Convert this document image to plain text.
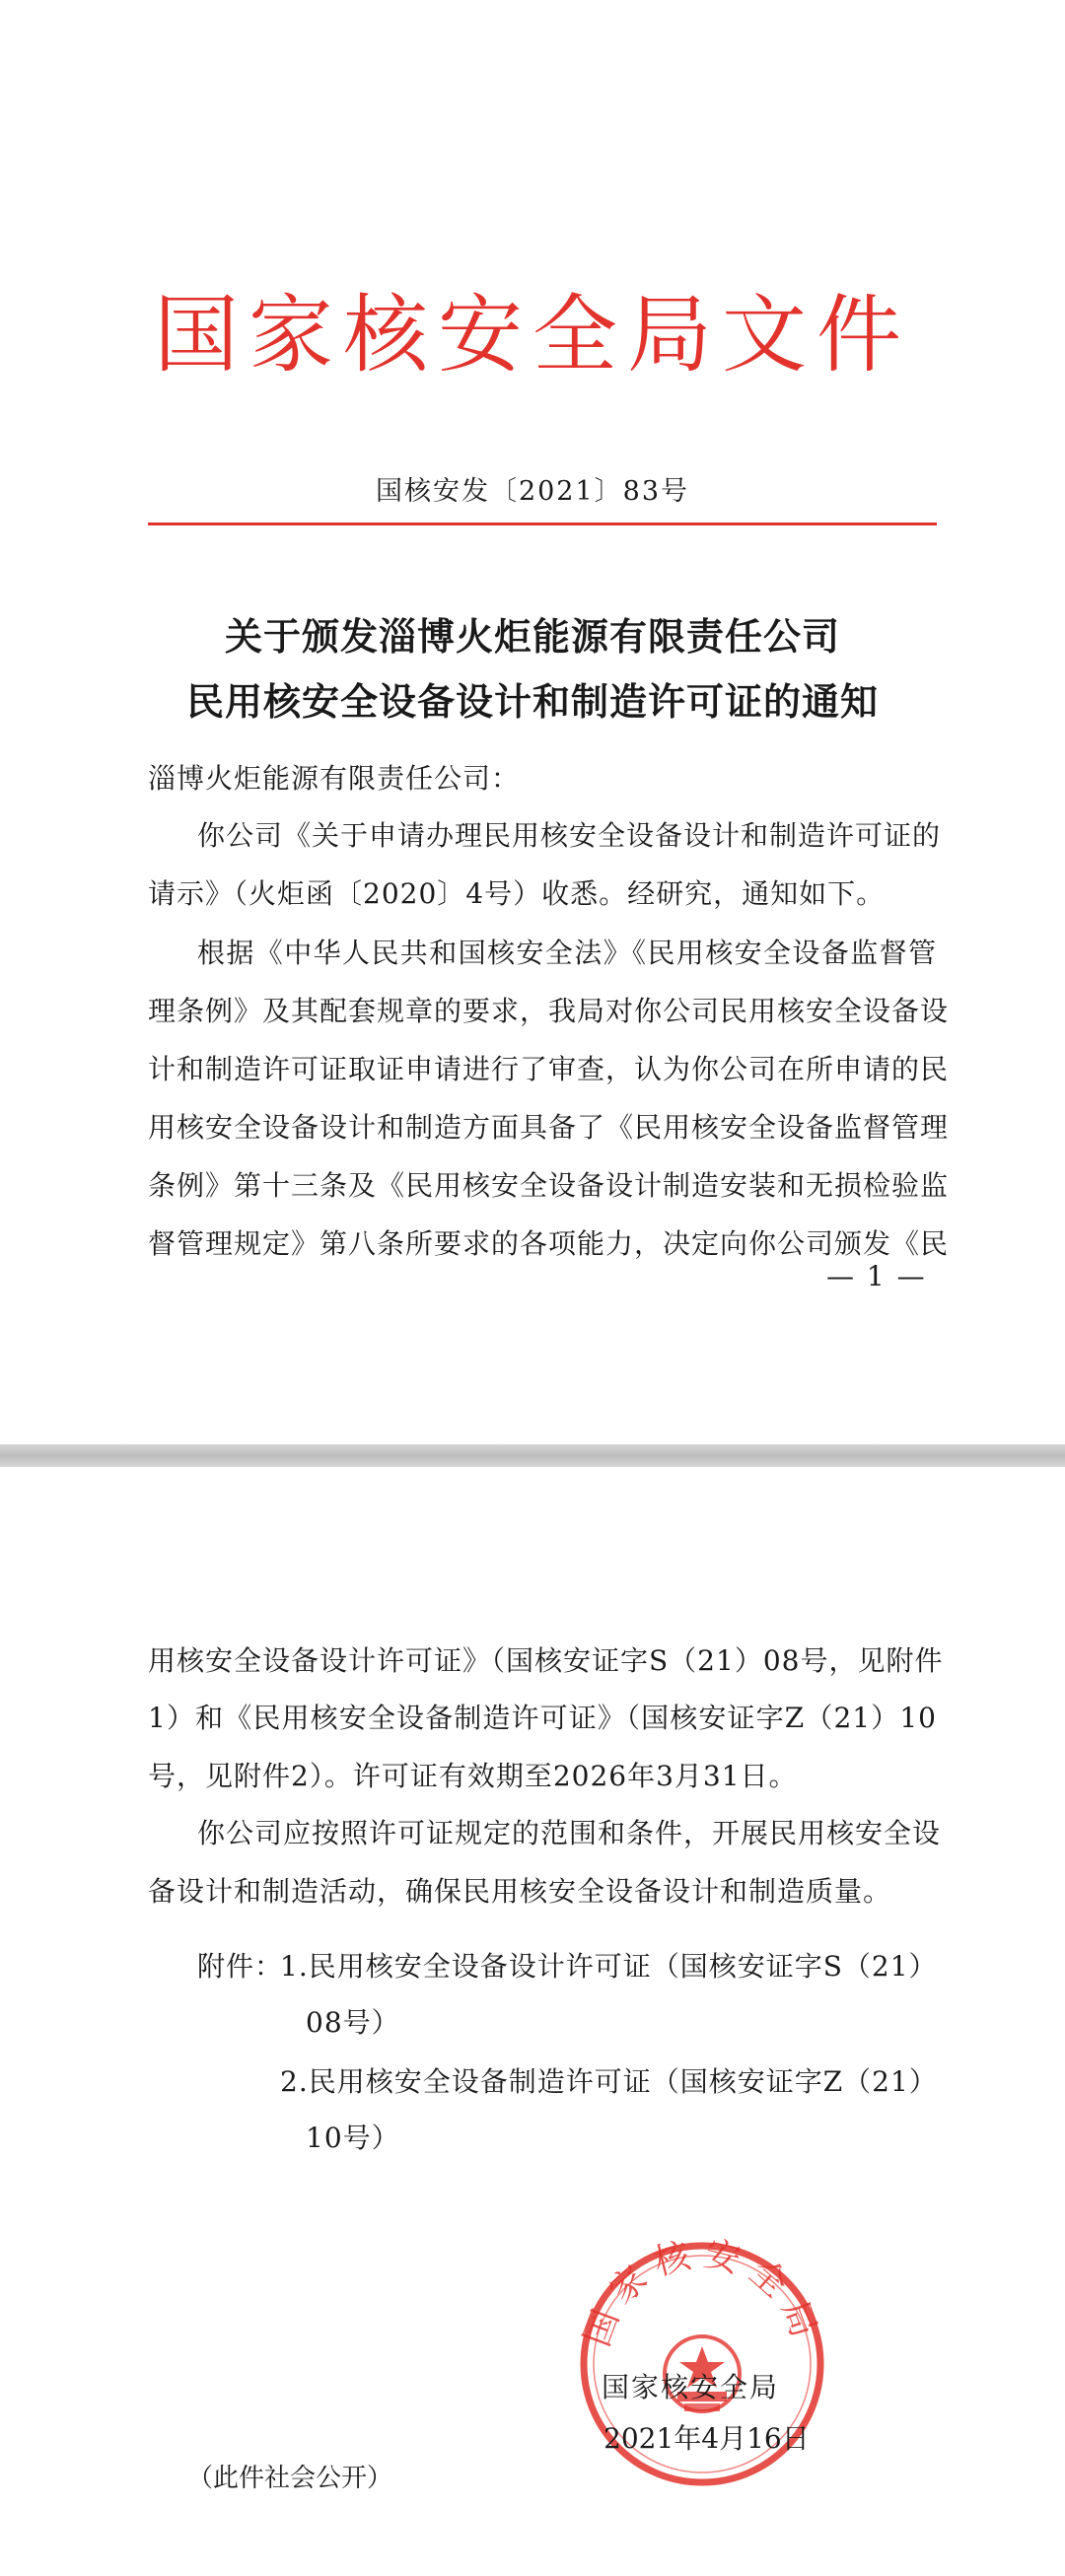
国家核安全局文件
国核安发〔2021〕83号
关于颁发淄博火炬能源有限责任公司
民用核安全设备设计和制造许可证的通知
淄博火炬能源有限责任公司：
你公司《关于申请办理民用核安全设备设计和制造许可证的
请示》（火炬函〔2020〕4号）收悉。经研究，通知如下。
根据《中华人民共和国核安全法》《民用核安全设备监督管
理条例》及其配套规章的要求，我局对你公司民用核安全设备设
计和制造许可证取证申请进行了审查，认为你公司在所申请的民
用核安全设备设计和制造方面具备了《民用核安全设备监督管理
条例》第十三条及《民用核安全设备设计制造安装和无损检验监
督管理规定》第八条所要求的各项能力，决定向你公司颁发《民
— 1 —
用核安全设备设计许可证》（国核安证字S（21）08号，见附件
1）和《民用核安全设备制造许可证》（国核安证字Z（21）10
号，见附件2）。许可证有效期至2026年3月31日。
你公司应按照许可证规定的范围和条件，开展民用核安全设
备设计和制造活动，确保民用核安全设备设计和制造质量。
附件：
1.民用核安全设备设计许可证（国核安证字S（21）
08号）
2.民用核安全设备制造许可证（国核安证字Z（21）
10号）
国家核安全局
国家核安全局
2021年4月16日
（此件社会公开）
